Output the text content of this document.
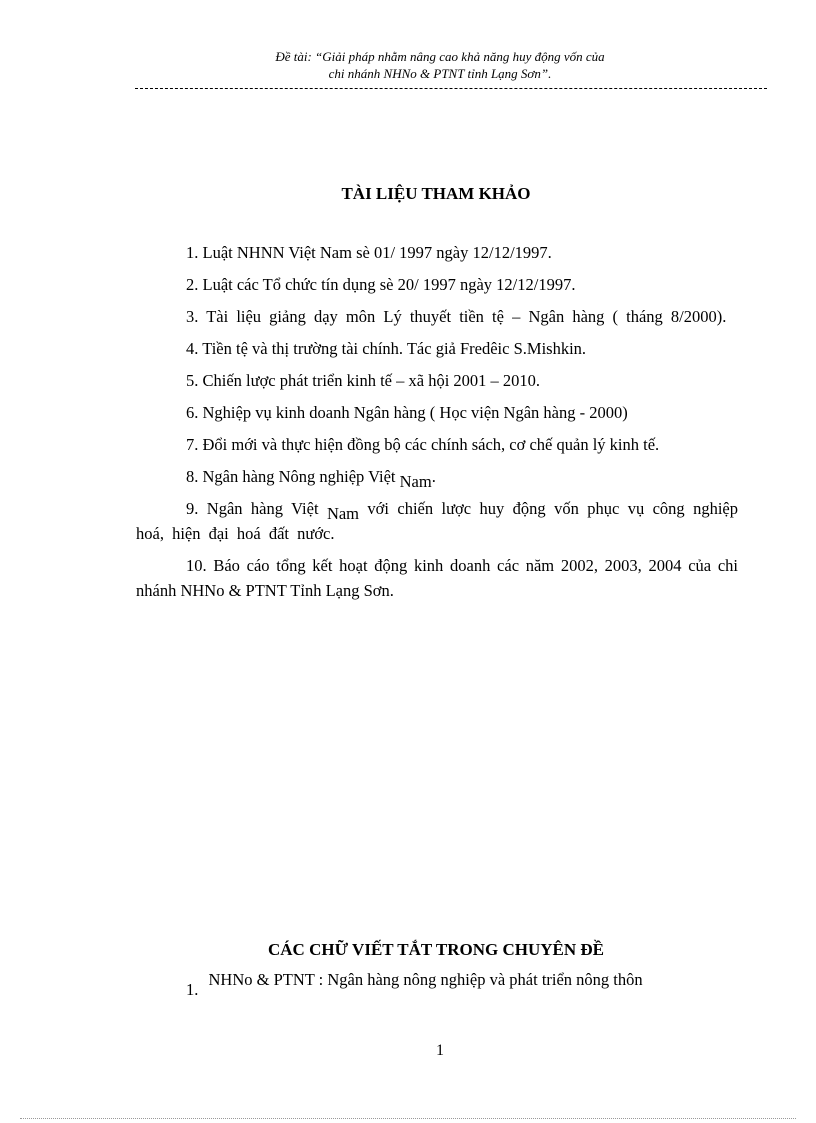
Đề tài: “Giải pháp nhằm nâng cao khả năng huy động vốn của
chi nhánh NHNo & PTNT tỉnh Lạng Sơn”.
TÀI LIỆU THAM KHẢO

1. Luật NHNN Việt Nam sè 01/ 1997 ngày 12/12/1997.

2. Luật các Tổ chức tín dụng sè 20/ 1997 ngày 12/12/1997.

3. Tài liệu giảng dạy môn Lý thuyết tiền tệ – Ngân hàng ( tháng 8/2000).

4. Tiền tệ và thị trường tài chính. Tác giả Fredêic S.Mishkin.

5. Chiến lược phát triển kinh tế – xã hội 2001 – 2010.

6. Nghiệp vụ kinh doanh Ngân hàng ( Học viện Ngân hàng - 2000)

7. Đổi mới và thực hiện đồng bộ các chính sách, cơ chế quản lý kinh tế.

8. Ngân hàng Nông nghiệp Việt Nam.

9. Ngân hàng Việt Nam với chiến lược huy động vốn phục vụ công nghiệp hoá, hiện đại hoá đất nước.

10. Báo cáo tổng kết hoạt động kinh doanh các năm 2002, 2003, 2004 của chi nhánh NHNo & PTNT Tỉnh Lạng Sơn.

CÁC CHỮ VIẾT TẮT TRONG CHUYÊN ĐỀ
1. NHNo & PTNT : Ngân hàng nông nghiệp và phát triển nông thôn
1
